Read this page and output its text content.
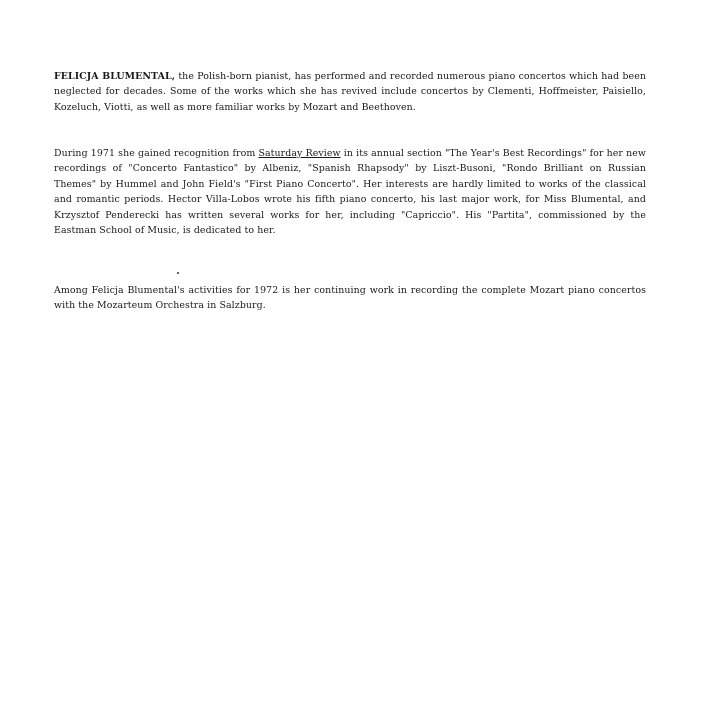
FELICJA BLUMENTAL, the Polish-born pianist, has performed and recorded numerous piano concertos which had been neglected for decades. Some of the works which she has revived include concertos by Clementi, Hoffmeister, Paisiello, Kozeluch, Viotti, as well as more familiar works by Mozart and Beethoven.

During 1971 she gained recognition from Saturday Review in its annual section "The Year's Best Recordings" for her new recordings of "Concerto Fantastico" by Albeniz, "Spanish Rhapsody" by Liszt-Busoni, "Rondo Brilliant on Russian Themes" by Hummel and John Field's "First Piano Concerto". Her interests are hardly limited to works of the classical and romantic periods. Hector Villa-Lobos wrote his fifth piano concerto, his last major work, for Miss Blumental, and Krzysztof Penderecki has written several works for her, including "Capriccio". His "Partita", commissioned by the Eastman School of Music, is dedicated to her.

Among Felicja Blumental's activities for 1972 is her continuing work in recording the complete Mozart piano concertos with the Mozarteum Orchestra in Salzburg.
